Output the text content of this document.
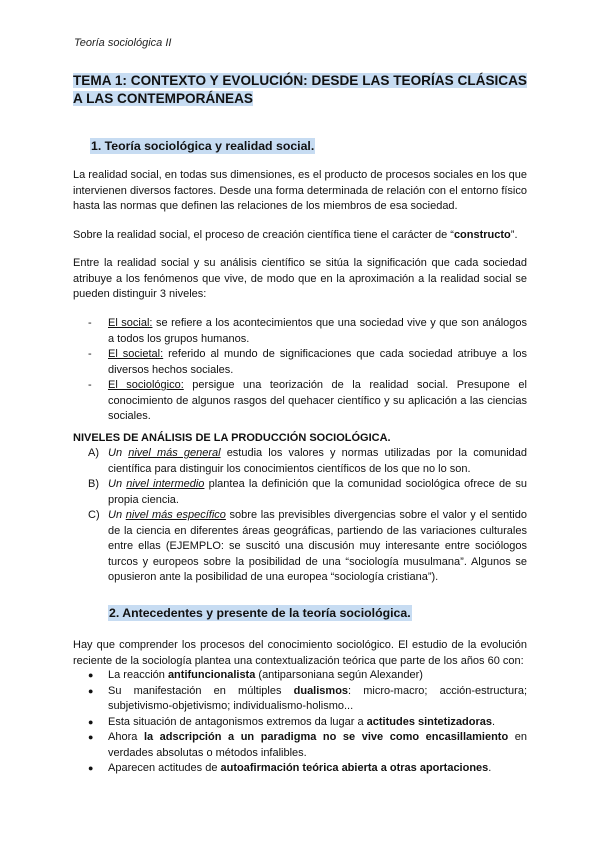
Teoría sociológica II
TEMA 1: CONTEXTO Y EVOLUCIÓN: DESDE LAS TEORÍAS CLÁSICAS A LAS CONTEMPORÁNEAS
1. Teoría sociológica y realidad social.
La realidad social, en todas sus dimensiones, es el producto de procesos sociales en los que intervienen diversos factores. Desde una forma determinada de relación con el entorno físico hasta las normas que definen las relaciones de los miembros de esa sociedad.
Sobre la realidad social, el proceso de creación científica tiene el carácter de “constructo”.
Entre la realidad social y su análisis científico se sitúa la significación que cada sociedad atribuye a los fenómenos que vive, de modo que en la aproximación a la realidad social se pueden distinguir 3 niveles:
- El social: se refiere a los acontecimientos que una sociedad vive y que son análogos a todos los grupos humanos.
- El societal: referido al mundo de significaciones que cada sociedad atribuye a los diversos hechos sociales.
- El sociológico: persigue una teorización de la realidad social. Presupone el conocimiento de algunos rasgos del quehacer científico y su aplicación a las ciencias sociales.
NIVELES DE ANÁLISIS DE LA PRODUCCIÓN SOCIOLÓGICA.
A) Un nivel más general estudia los valores y normas utilizadas por la comunidad científica para distinguir los conocimientos científicos de los que no lo son.
B) Un nivel intermedio plantea la definición que la comunidad sociológica ofrece de su propia ciencia.
C) Un nivel más específico sobre las previsibles divergencias sobre el valor y el sentido de la ciencia en diferentes áreas geográficas, partiendo de las variaciones culturales entre ellas (EJEMPLO: se suscitó una discusión muy interesante entre sociólogos turcos y europeos sobre la posibilidad de una “sociología musulmana”. Algunos se opusieron ante la posibilidad de una europea “sociología cristiana”).
2. Antecedentes y presente de la teoría sociológica.
Hay que comprender los procesos del conocimiento sociológico. El estudio de la evolución reciente de la sociología plantea una contextualización teórica que parte de los años 60 con:
● La reacción antifuncionalista (antiparsoniana según Alexander)
● Su manifestación en múltiples dualismos: micro-macro; acción-estructura; subjetivismo-objetivismo; individualismo-holismo...
● Esta situación de antagonismos extremos da lugar a actitudes sintetizadoras.
● Ahora la adscripción a un paradigma no se vive como encasillamiento en verdades absolutas o métodos infalibles.
● Aparecen actitudes de autoafirmación teórica abierta a otras aportaciones.
